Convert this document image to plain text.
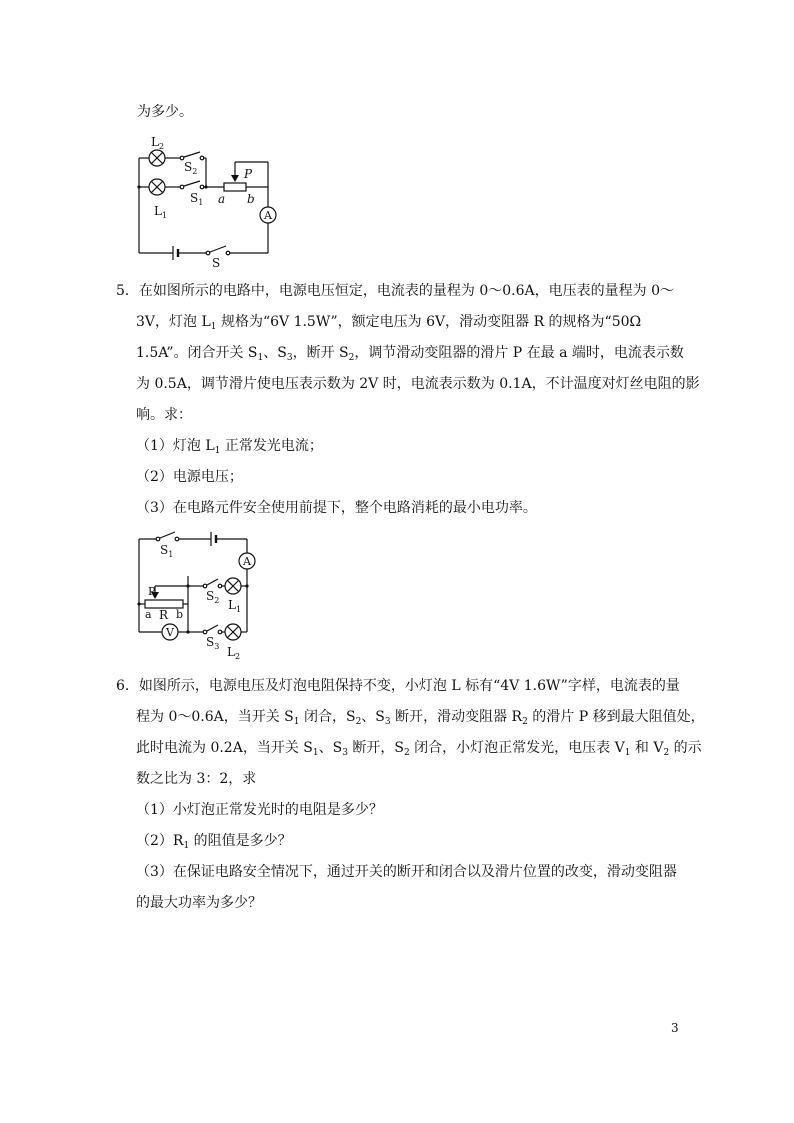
为多少。
$L_2$
$S_2$	P
$L_1$
$S_1$ a b
A
S
5．在如图所示的电路中，电源电压恒定，电流表的量程为 0～0.6A，电压表的量程为 0～
3V，灯泡 $L_1$ 规格为“6V 1.5W”，额定电压为 6V，滑动变阻器 R 的规格为“50Ω
1.5A”。闭合开关 $S_1$、$S_3$，断开 $S_2$，调节滑动变阻器的滑片 P 在最 a 端时，电流表示数
为 0.5A，调节滑片使电压表示数为 2V 时，电流表示数为 0.1A，不计温度对灯丝电阻的影
响。求：
（1）灯泡 $L_1$ 正常发光电流；
（2）电源电压；
（3）在电路元件安全使用前提下，整个电路消耗的最小电功率。
$S_1$
A
P
R
a b
$S_2$ $L_1$
V
$S_3$ $L_2$
6．如图所示，电源电压及灯泡电阻保持不变，小灯泡 L 标有“4V 1.6W”字样，电流表的量
程为 0～0.6A，当开关 $S_1$ 闭合，$S_2$、$S_3$ 断开，滑动变阻器 $R_2$ 的滑片 P 移到最大阻值处，
此时电流为 0.2A，当开关 $S_1$、$S_3$ 断开，$S_2$ 闭合，小灯泡正常发光，电压表 $V_1$ 和 $V_2$ 的示
数之比为 3：2，求
（1）小灯泡正常发光时的电阻是多少？
$(2)R_1$ 的阻值是多少？
（3）在保证电路安全情况下，通过开关的断开和闭合以及滑片位置的改变，滑动变阻器
的最大功率为多少？
3
